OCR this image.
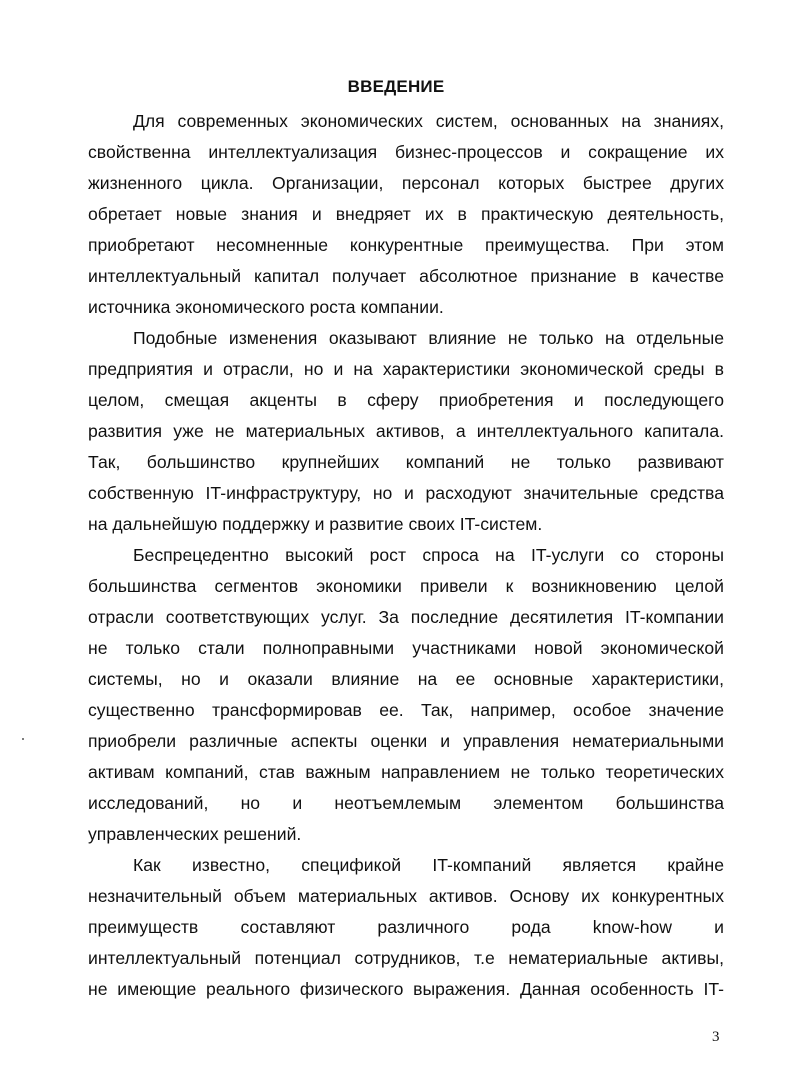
ВВЕДЕНИЕ
Для современных экономических систем, основанных на знаниях,
свойственна интеллектуализация бизнес-процессов и сокращение их
жизненного цикла. Организации, персонал которых быстрее других
обретает новые знания и внедряет их в практическую деятельность,
приобретают несомненные конкурентные преимущества. При этом
интеллектуальный капитал получает абсолютное признание в качестве
источника экономического роста компании.
Подобные изменения оказывают влияние не только на отдельные
предприятия и отрасли, но и на характеристики экономической среды в
целом, смещая акценты в сферу приобретения и последующего
развития уже не материальных активов, а интеллектуального капитала.
Так, большинство крупнейших компаний не только развивают
собственную IT-инфраструктуру, но и расходуют значительные средства
на дальнейшую поддержку и развитие своих IT-систем.
Беспрецедентно высокий рост спроса на IT-услуги со стороны
большинства сегментов экономики привели к возникновению целой
отрасли соответствующих услуг. За последние десятилетия IT-компании
не только стали полноправными участниками новой экономической
системы, но и оказали влияние на ее основные характеристики,
существенно трансформировав ее. Так, например, особое значение
приобрели различные аспекты оценки и управления нематериальными
активам компаний, став важным направлением не только теоретических
исследований, но и неотъемлемым элементом большинства
управленческих решений.
Как известно, спецификой IT-компаний является крайне
незначительный объем материальных активов. Основу их конкурентных
преимуществ составляют различного рода know-how и
интеллектуальный потенциал сотрудников, т.е нематериальные активы,
не имеющие реального физического выражения. Данная особенность IT-
3
